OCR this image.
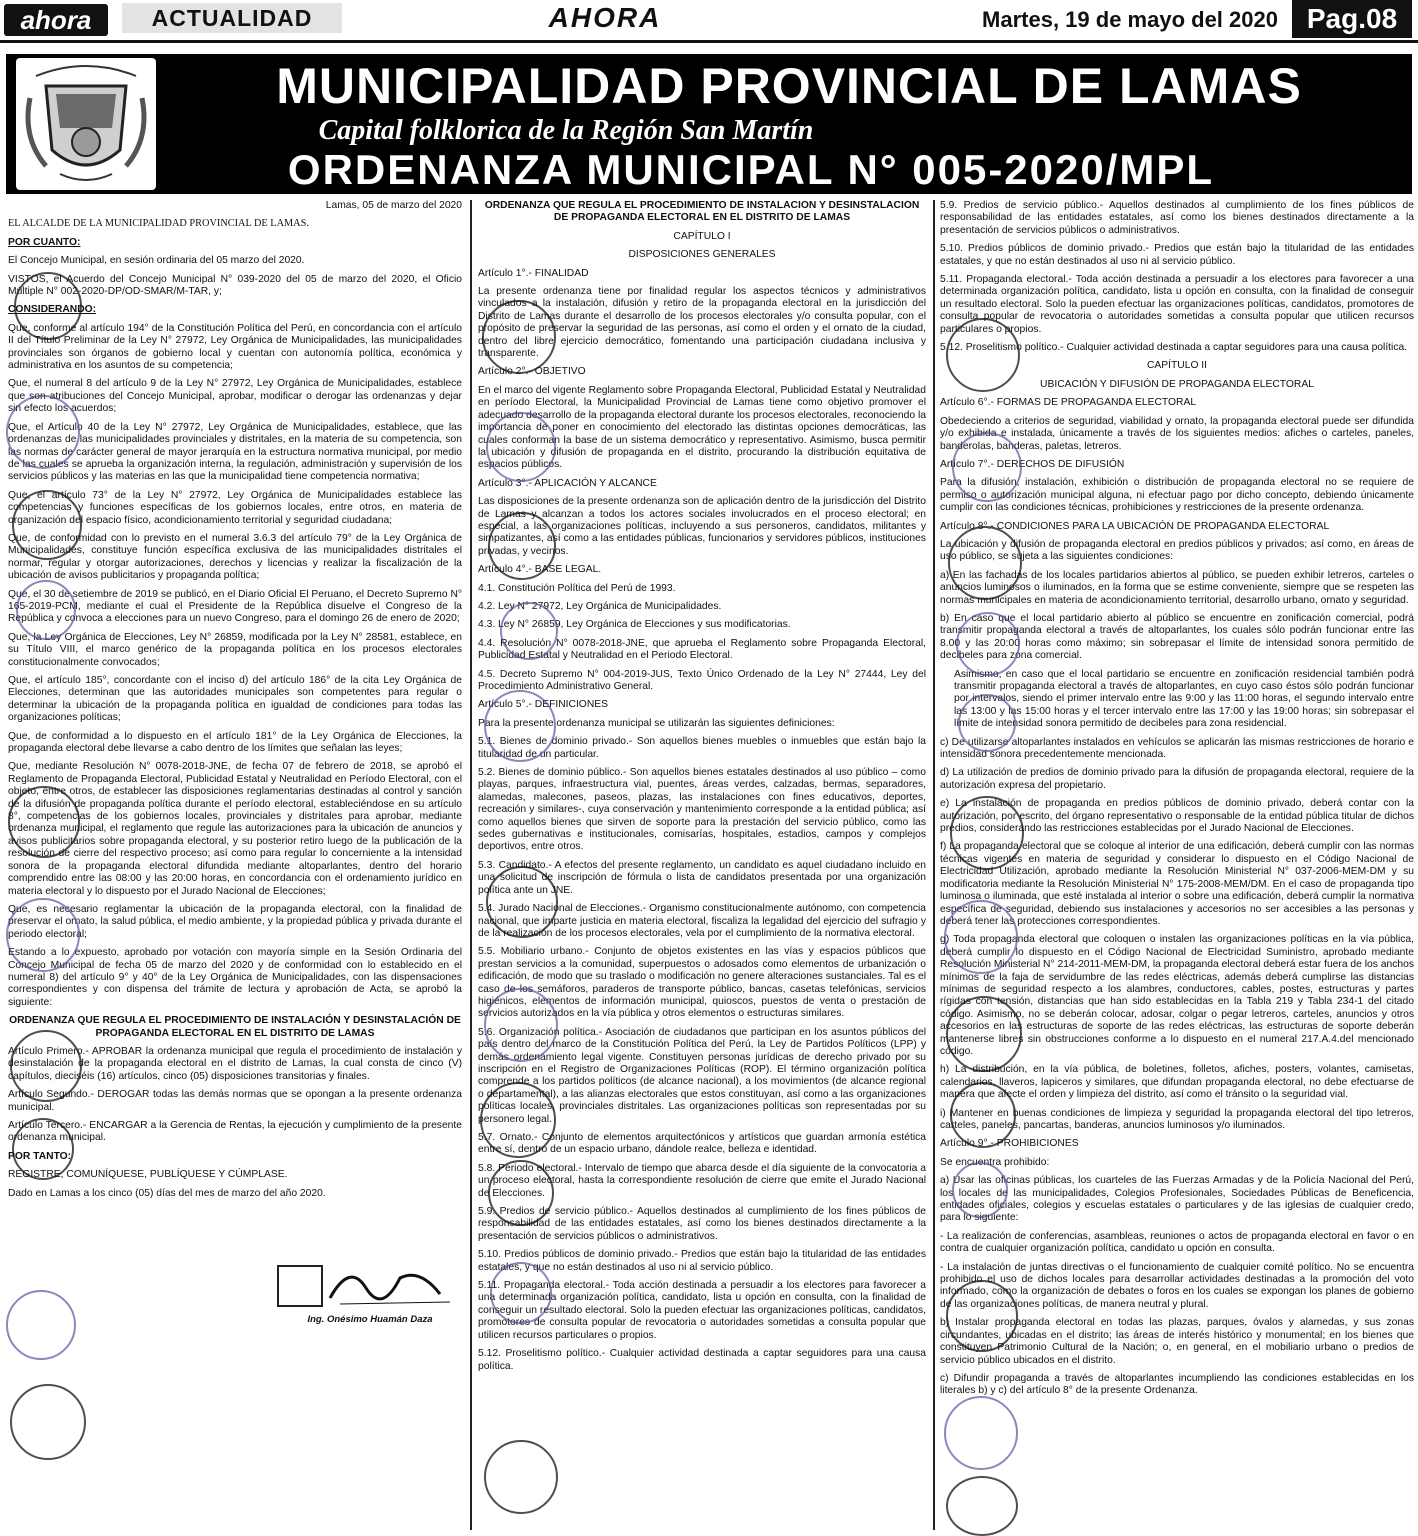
ahora	ACTUALIDAD	AHORA	Martes, 19 de mayo del 2020	Pag.08
MUNICIPALIDAD PROVINCIAL DE LAMAS
Capital folklorica de la Región San Martín
ORDENANZA MUNICIPAL N° 005-2020/MPL

Lamas, 05 de marzo del 2020

EL ALCALDE DE LA MUNICIPALIDAD PROVINCIAL DE LAMAS.

POR CUANTO:

El Concejo Municipal, en sesión ordinaria del 05 marzo del 2020.

VISTOS, el Acuerdo del Concejo Municipal N° 039-2020 del 05 de marzo del 2020, el Oficio Múltiple N° 002-2020-DP/OD-SMAR/M-TAR, y;

CONSIDERANDO:

Que, conforme al artículo 194° de la Constitución Política del Perú, en concordancia con el artículo II del Título Preliminar de la Ley N° 27972, Ley Orgánica de Municipalidades, las municipalidades provinciales son órganos de gobierno local y cuentan con autonomía política, económica y administrativa en los asuntos de su competencia;

Que, el numeral 8 del artículo 9 de la Ley N° 27972, Ley Orgánica de Municipalidades, establece que son atribuciones del Concejo Municipal, aprobar, modificar o derogar las ordenanzas y dejar sin efecto los acuerdos;

Que, el Artículo 40 de la Ley N° 27972, Ley Orgánica de Municipalidades, establece, que las ordenanzas de las municipalidades provinciales y distritales, en la materia de su competencia, son las normas de carácter general de mayor jerarquía en la estructura normativa municipal, por medio de las cuales se aprueba la organización interna, la regulación, administración y supervisión de los servicios públicos y las materias en las que la municipalidad tiene competencia normativa;

Que, el artículo 73° de la Ley N° 27972, Ley Orgánica de Municipalidades establece las competencias y funciones específicas de los gobiernos locales, entre otros, en materia de organización del espacio físico, acondicionamiento territorial y seguridad ciudadana;

Que, de conformidad con lo previsto en el numeral 3.6.3 del artículo 79° de la Ley Orgánica de Municipalidades, constituye función específica exclusiva de las municipalidades distritales el normar, regular y otorgar autorizaciones, derechos y licencias y realizar la fiscalización de la ubicación de avisos publicitarios y propaganda política;

Que, el 30 de setiembre de 2019 se publicó, en el Diario Oficial El Peruano, el Decreto Supremo N° 165-2019-PCM, mediante el cual el Presidente de la República disuelve el Congreso de la República y convoca a elecciones para un nuevo Congreso, para el domingo 26 de enero de 2020;

Que, la Ley Orgánica de Elecciones, Ley N° 26859, modificada por la Ley N° 28581, establece, en su Título VIII, el marco genérico de la propaganda política en los procesos electorales constitucionalmente convocados;

Que, el artículo 185°, concordante con el inciso d) del artículo 186° de la cita Ley Orgánica de Elecciones, determinan que las autoridades municipales son competentes para regular o determinar la ubicación de la propaganda política en igualdad de condiciones para todas las organizaciones políticas;

Que, de conformidad a lo dispuesto en el artículo 181° de la Ley Orgánica de Elecciones, la propaganda electoral debe llevarse a cabo dentro de los límites que señalan las leyes;

Que, mediante Resolución N° 0078-2018-JNE, de fecha 07 de febrero de 2018, se aprobó el Reglamento de Propaganda Electoral, Publicidad Estatal y Neutralidad en Período Electoral, con el objeto, entre otros, de establecer las disposiciones reglamentarias destinadas al control y sanción de la difusión de propaganda política durante el período electoral, estableciéndose en su artículo 8°, competencias de los gobiernos locales, provinciales y distritales para aprobar, mediante ordenanza municipal, el reglamento que regule las autorizaciones para la ubicación de anuncios y avisos publicitarios sobre propaganda electoral, y su posterior retiro luego de la publicación de la resolución de cierre del respectivo proceso; así como para regular lo concerniente a la intensidad sonora de la propaganda electoral difundida mediante altoparlantes, dentro del horario comprendido entre las 08:00 y las 20:00 horas, en concordancia con el ordenamiento jurídico en materia electoral y lo dispuesto por el Jurado Nacional de Elecciones;

Que, es necesario reglamentar la ubicación de la propaganda electoral, con la finalidad de preservar el ornato, la salud pública, el medio ambiente, y la propiedad pública y privada durante el periodo electoral;

Estando a lo expuesto, aprobado por votación con mayoría simple en la Sesión Ordinaria del Concejo Municipal de fecha 05 de marzo del 2020 y de conformidad con lo establecido en el numeral 8) del artículo 9° y 40° de la Ley Orgánica de Municipalidades, con las dispensaciones correspondientes y con dispensa del trámite de lectura y aprobación de Acta, se aprobó la siguiente:

ORDENANZA QUE REGULA EL PROCEDIMIENTO DE INSTALACIÓN Y DESINSTALACIÓN DE PROPAGANDA ELECTORAL EN EL DISTRITO DE LAMAS

Artículo Primero.- APROBAR la ordenanza municipal que regula el procedimiento de instalación y desinstalación de la propaganda electoral en el distrito de Lamas, la cual consta de cinco (V) capítulos, dieciséis (16) artículos, cinco (05) disposiciones transitorias y finales.

Artículo Segundo.- DEROGAR todas las demás normas que se opongan a la presente ordenanza municipal.

Artículo Tercero.- ENCARGAR a la Gerencia de Rentas, la ejecución y cumplimiento de la presente ordenanza municipal.

POR TANTO:

REGISTRE, COMUNÍQUESE, PUBLÍQUESE Y CÚMPLASE.

Dado en Lamas a los cinco (05) días del mes de marzo del año 2020.

Ing. Onésimo Huamán Daza

ORDENANZA QUE REGULA EL PROCEDIMIENTO DE INSTALACIÓN Y DESINSTALACIÓN DE PROPAGANDA ELECTORAL EN EL DISTRITO DE LAMAS

CAPÍTULO I

DISPOSICIONES GENERALES

Artículo 1°.- FINALIDAD

La presente ordenanza tiene por finalidad regular los aspectos técnicos y administrativos vinculados a la instalación, difusión y retiro de la propaganda electoral en la jurisdicción del Distrito de Lamas durante el desarrollo de los procesos electorales y/o consulta popular, con el propósito de preservar la seguridad de las personas, así como el orden y el ornato de la ciudad, dentro del libre ejercicio democrático, fomentando una participación ciudadana inclusiva y transparente.

Artículo 2°.- OBJETIVO

En el marco del vigente Reglamento sobre Propaganda Electoral, Publicidad Estatal y Neutralidad en período Electoral, la Municipalidad Provincial de Lamas tiene como objetivo promover el adecuado desarrollo de la propaganda electoral durante los procesos electorales, reconociendo la importancia de poner en conocimiento del electorado las distintas opciones democráticas, las cuales conforman la base de un sistema democrático y representativo. Asimismo, busca permitir la ubicación y difusión de propaganda en el distrito, procurando la distribución equitativa de espacios públicos.

Artículo 3°.- APLICACIÓN Y ALCANCE

Las disposiciones de la presente ordenanza son de aplicación dentro de la jurisdicción del Distrito de Lamas y alcanzan a todos los actores sociales involucrados en el proceso electoral; en especial, a las organizaciones políticas, incluyendo a sus personeros, candidatos, militantes y simpatizantes, así como a las entidades públicas, funcionarios y servidores públicos, instituciones privadas, y vecinos.

Artículo 4°.- BASE LEGAL.

4.1. Constitución Política del Perú de 1993.

4.2. Ley N° 27972, Ley Orgánica de Municipalidades.

4.3. Ley N° 26859, Ley Orgánica de Elecciones y sus modificatorias.

4.4. Resolución N° 0078-2018-JNE, que aprueba el Reglamento sobre Propaganda Electoral, Publicidad Estatal y Neutralidad en el Periodo Electoral.

4.5. Decreto Supremo N° 004-2019-JUS, Texto Único Ordenado de la Ley N° 27444, Ley del Procedimiento Administrativo General.

Artículo 5°.- DEFINICIONES

Para la presente ordenanza municipal se utilizarán las siguientes definiciones:

5.1. Bienes de dominio privado.- Son aquellos bienes muebles o inmuebles que están bajo la titularidad de un particular.

5.2. Bienes de dominio público.- Son aquellos bienes estatales destinados al uso público – como playas, parques, infraestructura vial, puentes, áreas verdes, calzadas, bermas, separadores, alamedas, malecones, paseos, plazas, las instalaciones con fines educativos, deportes, recreación y similares-, cuya conservación y mantenimiento corresponde a la entidad pública; así como aquellos bienes que sirven de soporte para la prestación del servicio público, como las sedes gubernativas e institucionales, comisarías, hospitales, estadios, campos y complejos deportivos, entre otros.

5.3. Candidato.- A efectos del presente reglamento, un candidato es aquel ciudadano incluido en una solicitud de inscripción de fórmula o lista de candidatos presentada por una organización política ante un JNE.

5.4. Jurado Nacional de Elecciones.- Organismo constitucionalmente autónomo, con competencia nacional, que imparte justicia en materia electoral, fiscaliza la legalidad del ejercicio del sufragio y de la realización de los procesos electorales, vela por el cumplimiento de la normativa electoral.

5.5. Mobiliario urbano.- Conjunto de objetos existentes en las vías y espacios públicos que prestan servicios a la comunidad, superpuestos o adosados como elementos de urbanización o edificación, de modo que su traslado o modificación no genere alteraciones sustanciales. Tal es el caso de los semáforos, paraderos de transporte público, bancas, casetas telefónicas, servicios higiénicos, elementos de información municipal, quioscos, puestos de venta o prestación de servicios autorizados en la vía pública y otros elementos o estructuras similares.

5.6. Organización política.- Asociación de ciudadanos que participan en los asuntos públicos del país dentro del marco de la Constitución Política del Perú, la Ley de Partidos Políticos (LPP) y demás ordenamiento legal vigente. Constituyen personas jurídicas de derecho privado por su inscripción en el Registro de Organizaciones Políticas (ROP). El término organización política comprende a los partidos políticos (de alcance nacional), a los movimientos (de alcance regional o departamental), a las alianzas electorales que estos constituyan, así como a las organizaciones políticas locales, provinciales distritales. Las organizaciones políticas son representadas por su personero legal.

5.7. Ornato.- Conjunto de elementos arquitectónicos y artísticos que guardan armonía estética entre sí, dentro de un espacio urbano, dándole realce, belleza e identidad.

5.8. Periodo electoral.- Intervalo de tiempo que abarca desde el día siguiente de la convocatoria a un proceso electoral, hasta la correspondiente resolución de cierre que emite el Jurado Nacional de Elecciones.

5.9. Predios de servicio público.- Aquellos destinados al cumplimiento de los fines públicos de responsabilidad de las entidades estatales, así como los bienes destinados directamente a la presentación de servicios públicos o administrativos.

5.10. Predios públicos de dominio privado.- Predios que están bajo la titularidad de las entidades estatales, y que no están destinados al uso ni al servicio público.

5.11. Propaganda electoral.- Toda acción destinada a persuadir a los electores para favorecer a una determinada organización política, candidato, lista u opción en consulta, con la finalidad de conseguir un resultado electoral. Solo la pueden efectuar las organizaciones políticas, candidatos, promotores de consulta popular de revocatoria o autoridades sometidas a consulta popular que utilicen recursos particulares o propios.

5.12. Proselitismo político.- Cualquier actividad destinada a captar seguidores para una causa política.

5.9. Predios de servicio público.- Aquellos destinados al cumplimiento de los fines públicos de responsabilidad de las entidades estatales, así como los bienes destinados directamente a la presentación de servicios públicos o administrativos.

5.10. Predios públicos de dominio privado.- Predios que están bajo la titularidad de las entidades estatales, y que no están destinados al uso ni al servicio público.

5.11. Propaganda electoral.- Toda acción destinada a persuadir a los electores para favorecer a una determinada organización política, candidato, lista u opción en consulta, con la finalidad de conseguir un resultado electoral. Solo la pueden efectuar las organizaciones políticas, candidatos, promotores de consulta popular de revocatoria o autoridades sometidas a consulta popular que utilicen recursos particulares o propios.

5.12. Proselitismo político.- Cualquier actividad destinada a captar seguidores para una causa política.

CAPÍTULO II

UBICACIÓN Y DIFUSIÓN DE PROPAGANDA ELECTORAL

Artículo 6°.- FORMAS DE PROPAGANDA ELECTORAL

Obedeciendo a criterios de seguridad, viabilidad y ornato, la propaganda electoral puede ser difundida y/o exhibida e instalada, únicamente a través de los siguientes medios: afiches o carteles, paneles, banderolas, banderas, paletas, letreros.

Artículo 7°.- DERECHOS DE DIFUSIÓN

Para la difusión, instalación, exhibición o distribución de propaganda electoral no se requiere de permiso o autorización municipal alguna, ni efectuar pago por dicho concepto, debiendo únicamente cumplir con las condiciones técnicas, prohibiciones y restricciones de la presente ordenanza.

Artículo 8°.- CONDICIONES PARA LA UBICACIÓN DE PROPAGANDA ELECTORAL

La ubicación y difusión de propaganda electoral en predios públicos y privados; así como, en áreas de uso público, se sujeta a las siguientes condiciones:

a) En las fachadas de los locales partidarios abiertos al público, se pueden exhibir letreros, carteles o anuncios luminosos o iluminados, en la forma que se estime conveniente, siempre que se respeten las normas municipales en materia de acondicionamiento territorial, desarrollo urbano, ornato y seguridad.

b) En caso que el local partidario abierto al público se encuentre en zonificación comercial, podrá transmitir propaganda electoral a través de altoparlantes, los cuales sólo podrán funcionar entre las 8.00 y las 20:00 horas como máximo; sin sobrepasar el límite de intensidad sonora permitido de decibeles para zona comercial.

Asimismo, en caso que el local partidario se encuentre en zonificación residencial también podrá transmitir propaganda electoral a través de altoparlantes, en cuyo caso éstos sólo podrán funcionar por intervalos, siendo el primer intervalo entre las 9:00 y las 11:00 horas, el segundo intervalo entre las 13:00 y las 15:00 horas y el tercer intervalo entre las 17:00 y las 19:00 horas; sin sobrepasar el límite de intensidad sonora permitido de decibeles para zona residencial.

c) De utilizarse altoparlantes instalados en vehículos se aplicarán las mismas restricciones de horario e intensidad sonora precedentemente mencionada.

d) La utilización de predios de dominio privado para la difusión de propaganda electoral, requiere de la autorización expresa del propietario.

e) La instalación de propaganda en predios públicos de dominio privado, deberá contar con la autorización, por escrito, del órgano representativo o responsable de la entidad pública titular de dichos predios, considerando las restricciones establecidas por el Jurado Nacional de Elecciones.

f) La propaganda electoral que se coloque al interior de una edificación, deberá cumplir con las normas técnicas vigentes en materia de seguridad y considerar lo dispuesto en el Código Nacional de Electricidad Utilización, aprobado mediante la Resolución Ministerial N° 037-2006-MEM-DM y su modificatoria mediante la Resolución Ministerial N° 175-2008-MEM/DM. En el caso de propaganda tipo luminosa o iluminada, que esté instalada al interior o sobre una edificación, deberá cumplir la normativa específica de seguridad, debiendo sus instalaciones y accesorios no ser accesibles a las personas y deberá tener las protecciones correspondientes.

g) Toda propaganda electoral que coloquen o instalen las organizaciones políticas en la vía pública, deberá cumplir lo dispuesto en el Código Nacional de Electricidad Suministro, aprobado mediante Resolución Ministerial N° 214-2011-MEM-DM, la propaganda electoral deberá estar fuera de los anchos mínimos de la faja de servidumbre de las redes eléctricas, además deberá cumplirse las distancias mínimas de seguridad respecto a los alambres, conductores, cables, postes, estructuras y partes rígidas con tensión, distancias que han sido establecidas en la Tabla 219 y Tabla 234-1 del citado código. Asimismo, no se deberán colocar, adosar, colgar o pegar letreros, carteles, anuncios y otros accesorios en las estructuras de soporte de las redes eléctricas, las estructuras de soporte deberán mantenerse libres sin obstrucciones conforme a lo dispuesto en el numeral 217.A.4.del mencionado código.

h) La distribución, en la vía pública, de boletines, folletos, afiches, posters, volantes, camisetas, calendarios, llaveros, lapiceros y similares, que difundan propaganda electoral, no debe efectuarse de manera que afecte el orden y limpieza del distrito, así como el tránsito o la seguridad vial.

i) Mantener en buenas condiciones de limpieza y seguridad la propaganda electoral del tipo letreros, carteles, paneles, pancartas, banderas, anuncios luminosos y/o iluminados.

Artículo 9°.- PROHIBICIONES

Se encuentra prohibido:

a) Usar las oficinas públicas, los cuarteles de las Fuerzas Armadas y de la Policía Nacional del Perú, los locales de las municipalidades, Colegios Profesionales, Sociedades Públicas de Beneficencia, entidades oficiales, colegios y escuelas estatales o particulares y de las iglesias de cualquier credo, para lo siguiente:

- La realización de conferencias, asambleas, reuniones o actos de propaganda electoral en favor o en contra de cualquier organización política, candidato u opción en consulta.

- La instalación de juntas directivas o el funcionamiento de cualquier comité político. No se encuentra prohibido el uso de dichos locales para desarrollar actividades destinadas a la promoción del voto informado, como la organización de debates o foros en los cuales se expongan los planes de gobierno de las organizaciones políticas, de manera neutral y plural.

b) Instalar propaganda electoral en todas las plazas, parques, óvalos y alamedas, y sus zonas circundantes, ubicadas en el distrito; las áreas de interés histórico y monumental; en los bienes que constituyen Patrimonio Cultural de la Nación; o, en general, en el mobiliario urbano o predios de servicio público ubicados en el distrito.

c) Difundir propaganda a través de altoparlantes incumpliendo las condiciones establecidas en los literales b) y c) del artículo 8° de la presente Ordenanza.
